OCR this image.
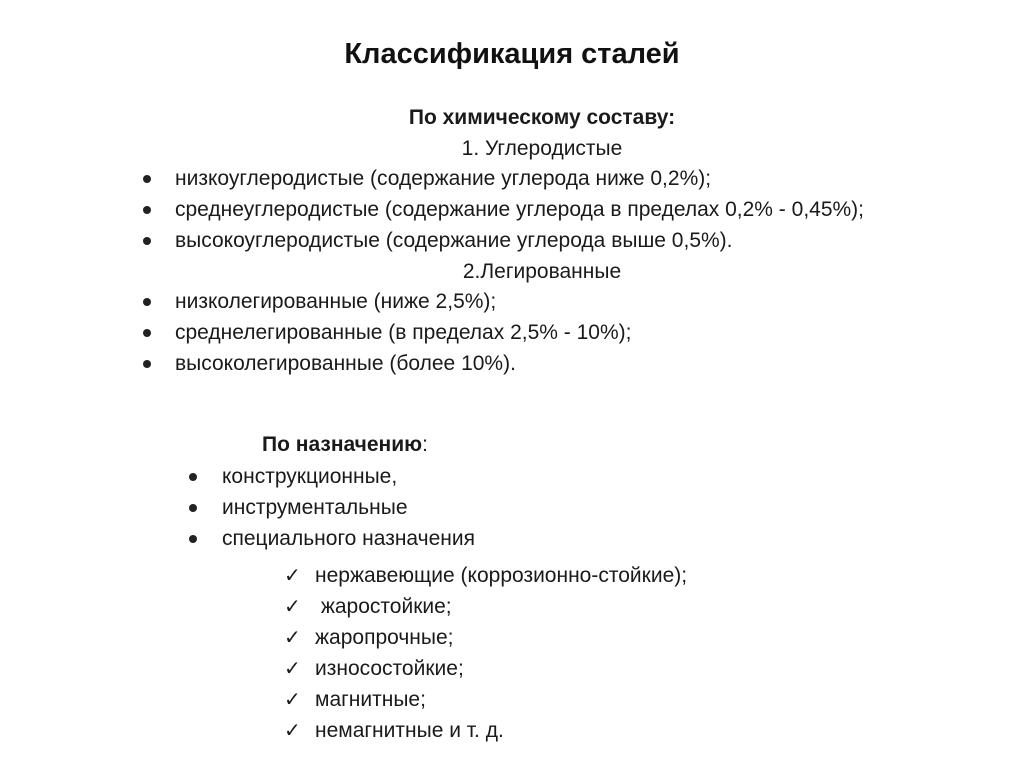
Классификация сталей
По химическому составу:
1. Углеродистые
низкоуглеродистые (содержание углерода ниже 0,2%);
среднеуглеродистые (содержание углерода в пределах 0,2% - 0,45%);
высокоуглеродистые (содержание углерода выше 0,5%).
2.Легированные
низколегированные (ниже 2,5%);
среднелегированные (в пределах 2,5% - 10%);
высоколегированные (более 10%).
По назначению :
конструкционные,
инструментальные
специального назначения
✓ нержавеющие (коррозионно-стойкие);
✓ жаростойкие;
✓ жаропрочные;
✓ износостойкие;
✓ магнитные;
✓ немагнитные и т. д.
